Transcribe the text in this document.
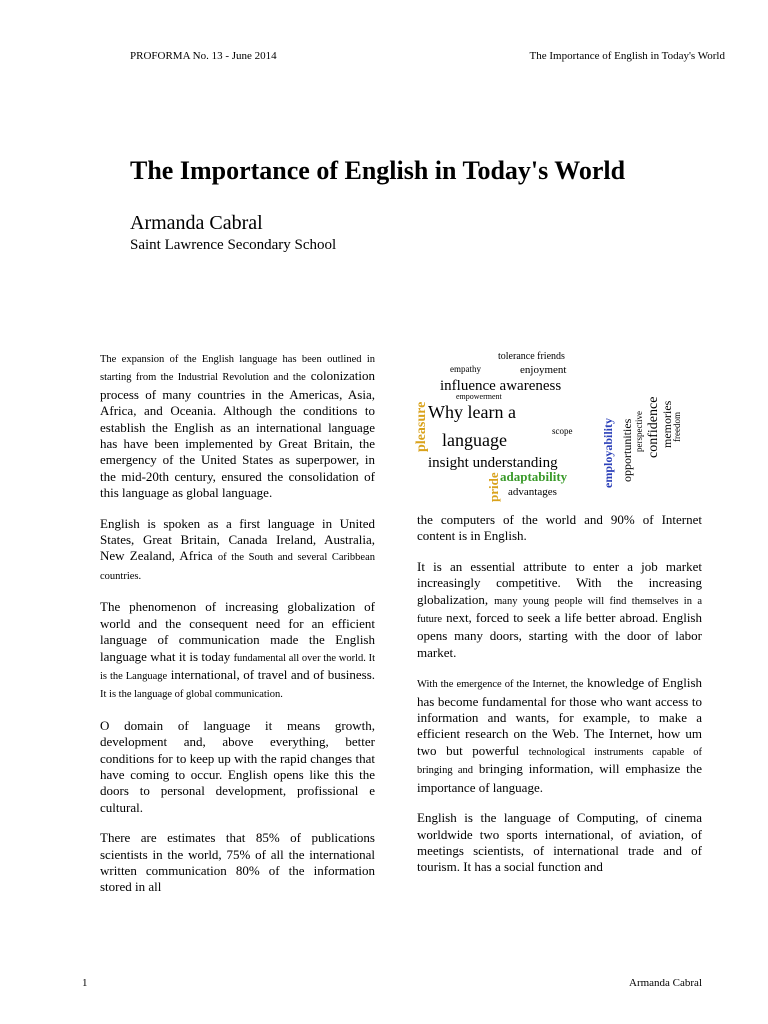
PROFORMA No. 13 - June 2014	The Importance of English in Today's World
The Importance of English in Today's World
Armanda Cabral
Saint Lawrence Secondary School

The expansion of the English language has been outlined in starting from the Industrial Revolution and the colonization process of many countries in the Americas, Asia, Africa, and Oceania. Although the conditions to establish the English as an international language has have been implemented by Great Britain, the emergency of the United States as superpower, in the mid-20th century, ensured the consolidation of this language as global language.

English is spoken as a first language in United States, Great Britain, Canada Ireland, Australia, New Zealand, Africa of the South and several Caribbean countries.

The phenomenon of increasing globalization of world and the consequent need for an efficient language of communication made the English language what it is today fundamental all over the world. It is the Language international, of travel and of business. It is the language of global communication.

O domain of language it means growth, development and, above everything, better conditions for to keep up with the rapid changes that have coming to occur. English opens like this the doors to personal development, profissional e cultural.

There are estimates that 85% of publications scientists in the world, 75% of all the international written communication 80% of the information stored in all

tolerance friends
empathy	enjoyment
influence awareness
empowerment
pleasure Why learn a
scope
language
insight understanding
adaptability
pride advantages
employability opportunities perspective confidence memories
freedom

the computers of the world and 90% of Internet content is in English.

It is an essential attribute to enter a job market increasingly competitive. With the increasing globalization, many young people will find themselves in a future next, forced to seek a life better abroad. English opens many doors, starting with the door of labor market.

With the emergence of the Internet, the knowledge of English has become fundamental for those who want access to information and wants, for example, to make a efficient research on the Web. The Internet, how um two but powerful technological instruments capable of bringing and bringing information, will emphasize the importance of language.

English is the language of Computing, of cinema worldwide two sports international, of aviation, of meetings scientists, of international trade and of tourism. It has a social function and

1	Armanda Cabral
